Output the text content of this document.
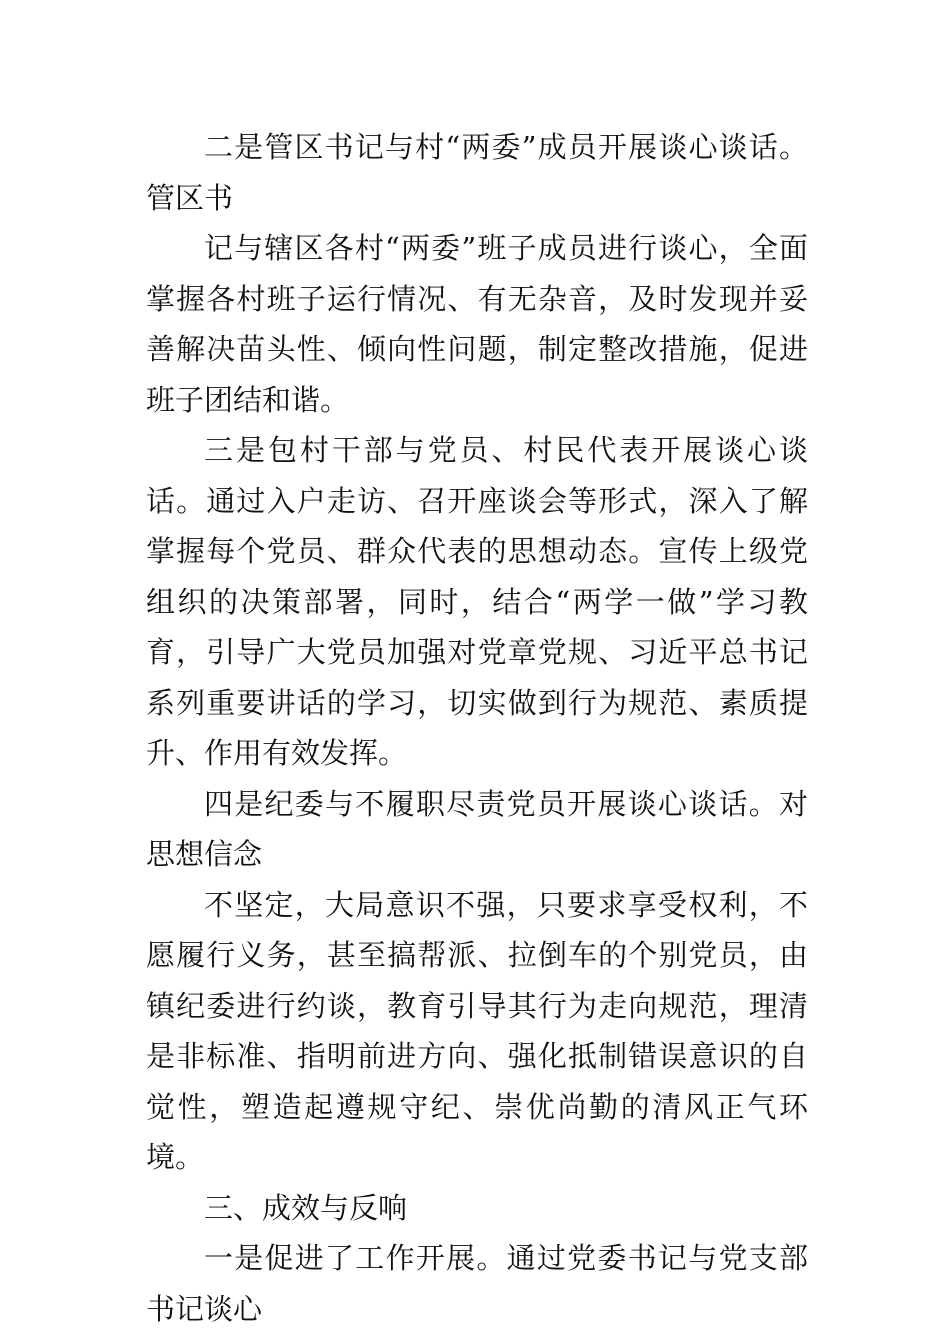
二是管区书记与村“两委”成员开展谈心谈话。管区书

记与辖区各村“两委”班子成员进行谈心，全面掌握各村班子运行情况、有无杂音，及时发现并妥善解决苗头性、倾向性问题，制定整改措施，促进班子团结和谐。

三是包村干部与党员、村民代表开展谈心谈话。通过入户走访、召开座谈会等形式，深入了解掌握每个党员、群众代表的思想动态。宣传上级党组织的决策部署，同时，结合“两学一做”学习教育，引导广大党员加强对党章党规、习近平总书记系列重要讲话的学习，切实做到行为规范、素质提升、作用有效发挥。

四是纪委与不履职尽责党员开展谈心谈话。对思想信念

不坚定，大局意识不强，只要求享受权利，不愿履行义务，甚至搞帮派、拉倒车的个别党员，由镇纪委进行约谈，教育引导其行为走向规范，理清是非标准、指明前进方向、强化抵制错误意识的自觉性，塑造起遵规守纪、崇优尚勤的清风正气环境。

三、成效与反响

一是促进了工作开展。通过党委书记与党支部书记谈心
